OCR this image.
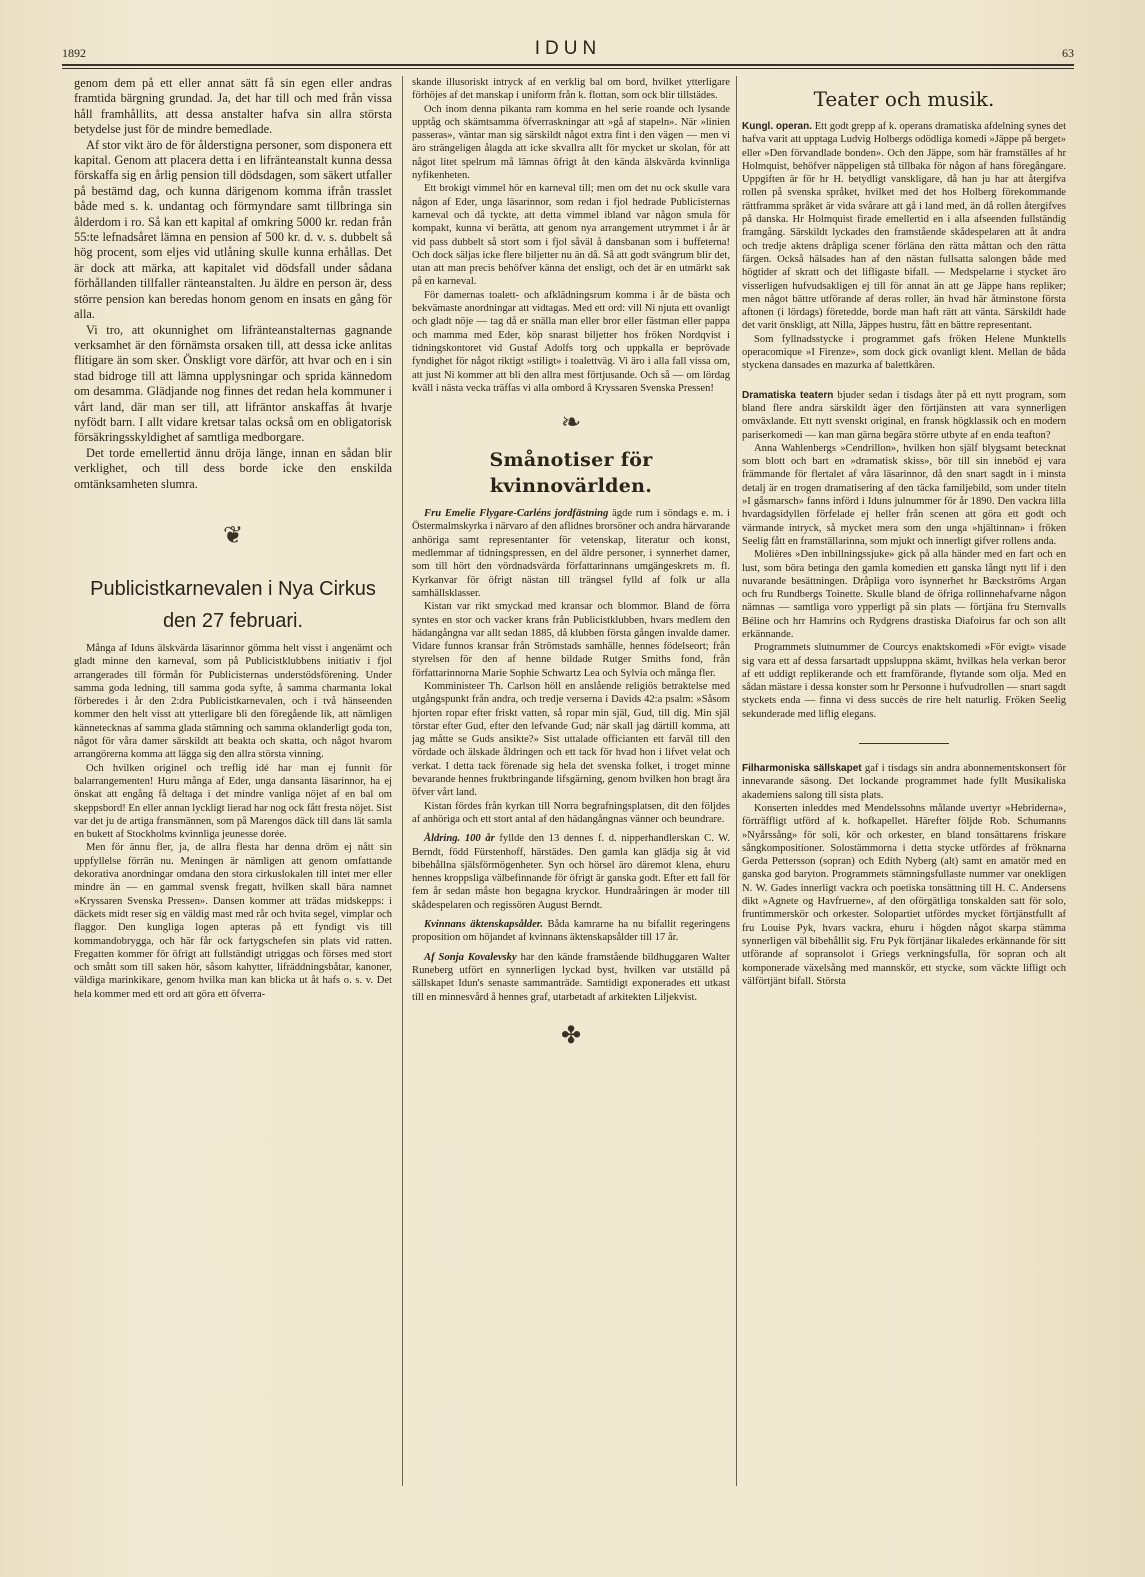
1892	IDUN	63

genom dem på ett eller annat sätt få sin egen eller andras framtida bärgning grundad. Ja, det har till och med från vissa håll framhållits, att dessa anstalter hafva sin allra största betydelse just för de mindre bemedlade.

Af stor vikt äro de för ålderstigna personer, som disponera ett kapital. Genom att placera detta i en lifränteanstalt kunna dessa förskaffa sig en årlig pension till dödsdagen, som säkert utfaller på bestämd dag, och kunna därigenom komma ifrån trasslet både med s. k. undantag och förmyndare samt tillbringa sin ålderdom i ro. Så kan ett kapital af omkring 5000 kr. redan från 55:te lefnadsåret lämna en pension af 500 kr. d. v. s. dubbelt så hög procent, som eljes vid utlåning skulle kunna erhållas. Det är dock att märka, att kapitalet vid dödsfall under sådana förhållanden tillfaller ränteanstalten. Ju äldre en person är, dess större pension kan beredas honom genom en insats en gång för alla.

Vi tro, att okunnighet om lifränteanstalternas gagnande verksamhet är den förnämsta orsaken till, att dessa icke anlitas flitigare än som sker. Önskligt vore därför, att hvar och en i sin stad bidroge till att lämna upplysningar och sprida kännedom om desamma. Glädjande nog finnes det redan hela kommuner i vårt land, där man ser till, att lifräntor anskaffas åt hvarje nyfödt barn. I allt vidare kretsar talas också om en obligatorisk försäkringsskyldighet af samtliga medborgare.

Det torde emellertid ännu dröja länge, innan en sådan blir verklighet, och till dess borde icke den enskilda omtänksamheten slumra.

❦
Publicistkarnevalen i Nya Cirkus
den 27 februari.

Många af Iduns älskvärda läsarinnor gömma helt visst i angenämt och gladt minne den karneval, som på Publicistklubbens initiativ i fjol arrangerades till förmån för Publicisternas understödsförening. Under samma goda ledning, till samma goda syfte, å samma charmanta lokal förberedes i år den 2:dra Publicistkarnevalen, och i två hänseenden kommer den helt visst att ytterligare bli den föregående lik, att nämligen kännetecknas af samma glada stämning och samma oklanderligt goda ton, något för våra damer särskildt att beakta och skatta, och något hvarom arrangörerna komma att lägga sig den allra största vinning.

Och hvilken originel och treflig idé har man ej funnit för balarrangementen! Huru många af Eder, unga dansanta läsarinnor, ha ej önskat att engång få deltaga i det mindre vanliga nöjet af en bal om skeppsbord! En eller annan lyckligt lierad har nog ock fått fresta nöjet. Sist var det ju de artiga fransmännen, som på Marengos däck till dans lät samla en bukett af Stockholms kvinnliga jeunesse dorée.

Men för ännu fler, ja, de allra flesta har denna dröm ej nått sin uppfyllelse förrän nu. Meningen är nämligen att genom omfattande dekorativa anordningar omdana den stora cirkuslokalen till intet mer eller mindre än — en gammal svensk fregatt, hvilken skall bära namnet »Kryssaren Svenska Pressen». Dansen kommer att trädas midskepps: i däckets midt reser sig en väldig mast med rår och hvita segel, vimplar och flaggor. Den kungliga logen apteras på ett fyndigt vis till kommandobrygga, och här får ock fartygschefen sin plats vid ratten. Fregatten kommer för öfrigt att fullständigt utriggas och förses med stort och smått som till saken hör, såsom kahytter, lifräddningsbåtar, kanoner, väldiga marinkikare, genom hvilka man kan blicka ut åt hafs o. s. v. Det hela kommer med ett ord att göra ett öfverra-

skande illusoriskt intryck af en verklig bal om bord, hvilket ytterligare förhöjes af det manskap i uniform från k. flottan, som ock blir tillstädes.

Och inom denna pikanta ram komma en hel serie roande och lysande upptåg och skämtsamma öfverraskningar att »gå af stapeln». När »linien passeras», väntar man sig särskildt något extra fint i den vägen — men vi äro strängeligen ålagda att icke skvallra allt för mycket ur skolan, för att något litet spelrum må lämnas öfrigt åt den kända älskvärda kvinnliga nyfikenheten.

Ett brokigt vimmel hör en karneval till; men om det nu ock skulle vara någon af Eder, unga läsarinnor, som redan i fjol hedrade Publicisternas karneval och då tyckte, att detta vimmel ibland var någon smula för kompakt, kunna vi berätta, att genom nya arrangement utrymmet i år är vid pass dubbelt så stort som i fjol såväl å dansbanan som i buffeterna! Och dock säljas icke flere biljetter nu än då. Så att godt svängrum blir det, utan att man precis behöfver känna det ensligt, och det är en utmärkt sak på en karneval.

För damernas toalett- och afklädningsrum komma i år de bästa och bekvämaste anordningar att vidtagas. Med ett ord: vill Ni njuta ett ovanligt och gladt nöje — tag då er snälla man eller bror eller fästman eller pappa och mamma med Eder, köp snarast biljetter hos fröken Nordqvist i tidningskontoret vid Gustaf Adolfs torg och uppkalla er beprövade fyndighet för något riktigt »stiligt» i toalettväg. Vi äro i alla fall vissa om, att just Ni kommer att bli den allra mest förtjusande. Och så — om lördag kväll i nästa vecka träffas vi alla ombord å Kryssaren Svenska Pressen!

❧
Smånotiser för kvinnovärlden.

Fru Emelie Flygare-Carléns jordfästning ägde rum i söndags e. m. i Östermalmskyrka i närvaro af den aflidnes brorsöner och andra härvarande anhöriga samt representanter för vetenskap, literatur och konst, medlemmar af tidningspressen, en del äldre personer, i synnerhet damer, som till hört den vördnadsvärda författarinnans umgängeskrets m. fl. Kyrkanvar för öfrigt nästan till trängsel fylld af folk ur alla samhällsklasser.

Kistan var rikt smyckad med kransar och blommor. Bland de förra syntes en stor och vacker krans från Publicistklubben, hvars medlem den hädangångna var allt sedan 1885, då klubben första gången invalde damer. Vidare funnos kransar från Strömstads samhälle, hennes födelseort; från styrelsen för den af henne bildade Rutger Smiths fond, från författarinnorna Marie Sophie Schwartz Lea och Sylvia och många fler.

Komministeer Th. Carlson höll en anslående religiös betraktelse med utgångspunkt från andra, och tredje verserna i Davids 42:a psalm: »Såsom hjorten ropar efter friskt vatten, så ropar min själ, Gud, till dig. Min själ törstar efter Gud, efter den lefvande Gud; när skall jag därtill komma, att jag måtte se Guds ansikte?» Sist uttalade officianten ett farväl till den vördade och älskade åldringen och ett tack för hvad hon i lifvet velat och verkat. I detta tack förenade sig hela det svenska folket, i troget minne bevarande hennes fruktbringande lifsgärning, genom hvilken hon bragt åra öfver vårt land.

Kistan fördes från kyrkan till Norra begrafningsplatsen, dit den följdes af anhöriga och ett stort antal af den hädangångnas vänner och beundrare.

Åldring. 100 år fyllde den 13 dennes f. d. nipperhandlerskan C. W. Berndt, född Fürstenhoff, härstädes. Den gamla kan glädja sig åt vid bibehållna själsförmögenheter. Syn och hörsel äro däremot klena, ehuru hennes kroppsliga välbefinnande för öfrigt är ganska godt. Efter ett fall för fem år sedan måste hon begagna kryckor. Hundraåringen är moder till skådespelaren och regissören August Berndt.

Kvinnans äktenskapsålder. Båda kamrarne ha nu bifallit regeringens proposition om höjandet af kvinnans äktenskapsålder till 17 år.

Af Sonja Kovalevsky har den kände framstående bildhuggaren Walter Runeberg utfört en synnerligen lyckad byst, hvilken var utställd på sällskapet Idun's senaste sammanträde. Samtidigt exponerades ett utkast till en minnesvård å hennes graf, utarbetadt af arkitekten Liljekvist.

✤
Teater och musik.

Kungl. operan. Ett godt grepp af k. operans dramatiska afdelning synes det hafva varit att upptaga Ludvig Holbergs odödliga komedi »Jäppe på berget» eller »Den förvandlade bonden». Och den Jäppe, som här framställes af hr Holmquist, behöfver näppeligen stå tillbaka för någon af hans föregångare. Uppgiften är för hr H. betydligt vanskligare, då han ju har att återgifva rollen på svenska språket, hvilket med det hos Holberg förekommande rättframma språket är vida svårare att gå i land med, än då rollen återgifves på danska. Hr Holmquist firade emellertid en i alla afseenden fullständig framgång. Särskildt lyckades den framstående skådespelaren att åt andra och tredje aktens dråpliga scener förläna den rätta måttan och den rätta färgen. Också hälsades han af den nästan fullsatta salongen både med högtider af skratt och det lifligaste bifall. — Medspelarne i stycket äro visserligen hufvudsakligen ej till för annat än att ge Jäppe hans repliker; men något bättre utförande af deras roller, än hvad här åtminstone första aftonen (i lördags) företedde, borde man haft rätt att vänta. Särskildt hade det varit önskligt, att Nilla, Jäppes hustru, fått en bättre representant.

Som fyllnadsstycke i programmet gafs fröken Helene Munktells operacomique »I Firenze», som dock gick ovanligt klent. Mellan de båda styckena dansades en mazurka af balettkåren.

Dramatiska teatern bjuder sedan i tisdags åter på ett nytt program, som bland flere andra särskildt äger den förtjänsten att vara synnerligen omväxlande. Ett nytt svenskt original, en fransk högklassik och en modern pariserkomedi — kan man gärna begära större utbyte af en enda teafton?

Anna Wahlenbergs »Cendrillon», hvilken hon själf blygsamt betecknat som blott och bart en »dramatisk skiss», bör till sin inneböd ej vara främmande för flertalet af våra läsarinnor, då den snart sagdt in i minsta detalj är en trogen dramatisering af den täcka familjebild, som under titeln »I gåsmarsch» fanns införd i Iduns julnummer för år 1890. Den vackra lilla hvardagsidyllen förfelade ej heller från scenen att göra ett godt och värmande intryck, så mycket mera som den unga »hjältinnan» i fröken Seelig fått en framställarinna, som mjukt och innerligt gifver rollens anda.

Molières »Den inbillningssjuke» gick på alla händer med en fart och en lust, som böra betinga den gamla komedien ett ganska långt nytt lif i den nuvarande besättningen. Dråpliga voro isynnerhet hr Bæckströms Argan och fru Rundbergs Toinette. Skulle bland de öfriga rollinnehafvarne någon nämnas — samtliga voro ypperligt på sin plats — förtjäna fru Sternvalls Béline och hrr Hamrins och Rydgrens drastiska Diafoirus far och son allt erkännande.

Programmets slutnummer de Courcys enaktskomedi »För evigt» visade sig vara ett af dessa farsartadt uppsluppna skämt, hvilkas hela verkan beror af ett uddigt replikerande och ett framförande, flytande som olja. Med en sådan mästare i dessa konster som hr Personne i hufvudrollen — snart sagdt styckets enda — finna vi dess succès de rire helt naturlig. Fröken Seelig sekunderade med liflig elegans.

Filharmoniska sällskapet gaf i tisdags sin andra abonnementskonsert för innevarande säsong. Det lockande programmet hade fyllt Musikaliska akademiens salong till sista plats.

Konserten inleddes med Mendelssohns målande uvertyr »Hebriderna», förträffligt utförd af k. hofkapellet. Härefter följde Rob. Schumanns »Nyårssång» för soli, kör och orkester, en bland tonsättarens friskare sångkompositioner. Solostämmorna i detta stycke utfördes af fröknarna Gerda Pettersson (sopran) och Edith Nyberg (alt) samt en amatör med en ganska god baryton. Programmets stämningsfullaste nummer var onekligen N. W. Gades innerligt vackra och poetiska tonsättning till H. C. Andersens dikt »Agnete og Havfruerne», af den oförgätliga tonskalden satt för solo, fruntimmerskör och orkester. Solopartiet utfördes mycket förtjänstfullt af fru Louise Pyk, hvars vackra, ehuru i högden något skarpa stämma synnerligen väl bibehållit sig. Fru Pyk förtjänar likaledes erkännande för sitt utförande af sopransolot i Griegs verkningsfulla, för sopran och alt komponerade växelsång med mannskör, ett stycke, som väckte lifligt och välförtjänt bifall. Största
